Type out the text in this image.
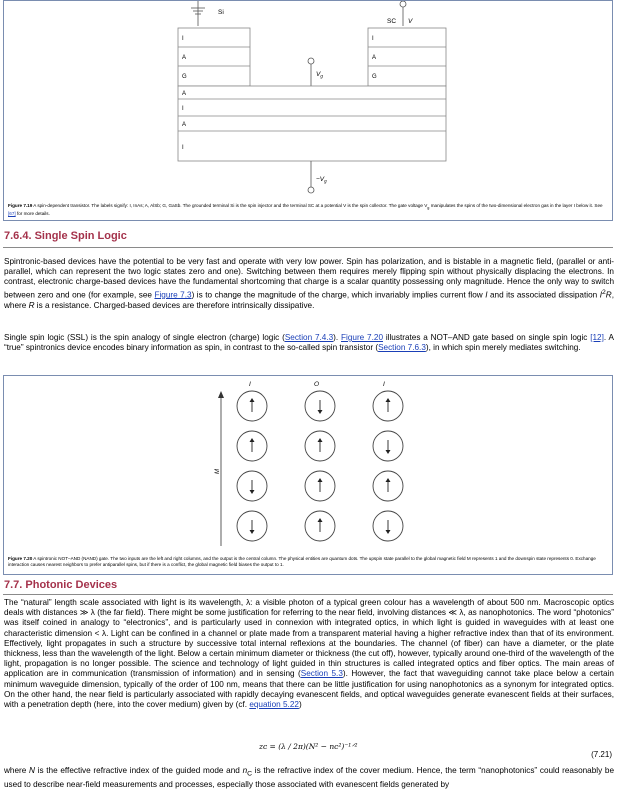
Si
SC V
I
A
G
I
A
G
$V_g$
A
I
A
I
$-V_g$
Figure 7.19 A spin-dependent transistor. The labels signify: I, InAs; A, AlSb; G, GaSb. The grounded terminal Si is the spin injector and the terminal SC at a potential V is the spin collector. The gate voltage $V_g$ manipulates the spins of the two-dimensional electron gas in the layer I below it. See [67] for more details.
7.6.4. Single Spin Logic

Spintronic-based devices have the potential to be very fast and operate with very low power. Spin has polarization, and is bistable in a magnetic field, (parallel or anti-parallel, which can represent the two logic states zero and one). Switching between them requires merely flipping spin without physically displacing the electrons. In contrast, electronic charge-based devices have the fundamental shortcoming that charge is a scalar quantity possessing only magnitude. Hence the only way to switch between zero and one (for example, see Figure 7.3) is to change the magnitude of the charge, which invariably implies current flow I and its associated dissipation $I^2R$, where R is a resistance. Charged-based devices are therefore intrinsically dissipative.

Single spin logic (SSL) is the spin analogy of single electron (charge) logic (Section 7.4.3). Figure 7.20 illustrates a NOT–AND gate based on single spin logic [12]. A “true” spintronics device encodes binary information as spin, in contrast to the so-called spin transistor (Section 7.6.3), in which spin merely mediates switching.

I	O	I
M
Figure 7.20 A spintronic NOT–AND (NAND) gate. The two inputs are the left and right columns, and the output is the central column. The physical entities are quantum dots. The upspin state parallel to the global magnetic field M represents 1 and the downspin state represents 0. Exchange interaction causes nearest neighbors to prefer antiparallel spins, but if there is a conflict, the global magnetic field biases the output to 1.
7.7. Photonic Devices

The “natural” length scale associated with light is its wavelength, λ: a visible photon of a typical green colour has a wavelength of about 500 nm. Macroscopic optics deals with distances ≫ λ (the far field). There might be some justification for referring to the near field, involving distances ≪ λ, as nanophotonics. The word “photonics” was itself coined in analogy to “electronics”, and is particularly used in connexion with integrated optics, in which light is guided in waveguides with at least one characteristic dimension < λ. Light can be confined in a channel or plate made from a transparent material having a higher refractive index than that of its environment. Effectively, light propagates in such a structure by successive total internal reflexions at the boundaries. The channel (of fiber) can have a diameter, or the plate thickness, less than the wavelength of the light. Below a certain minimum diameter or thickness (the cut off), however, typically around one-third of the wavelength of the light, propagation is no longer possible. The science and technology of light guided in thin structures is called integrated optics and fiber optics. The main areas of application are in communication (transmission of information) and in sensing (Section 5.3). However, the fact that waveguiding cannot take place below a certain minimum waveguide dimension, typically of the order of 100 nm, means that there can be little justification for using nanophotonics as a synonym for integrated optics. On the other hand, the near field is particularly associated with rapidly decaying evanescent fields, and optical waveguides generate evanescent fields at their surfaces, with a penetration depth (here, into the cover medium) given by (cf. equation 5.22)

zᴄ = (λ / 2π)(N² − nᴄ²)⁻¹ᐟ²
(7.21)

where N is the effective refractive index of the guided mode and $n_C$ is the refractive index of the cover medium. Hence, the term “nanophotonics” could reasonably be used to describe near-field measurements and processes, especially those associated with evanescent fields generated by
